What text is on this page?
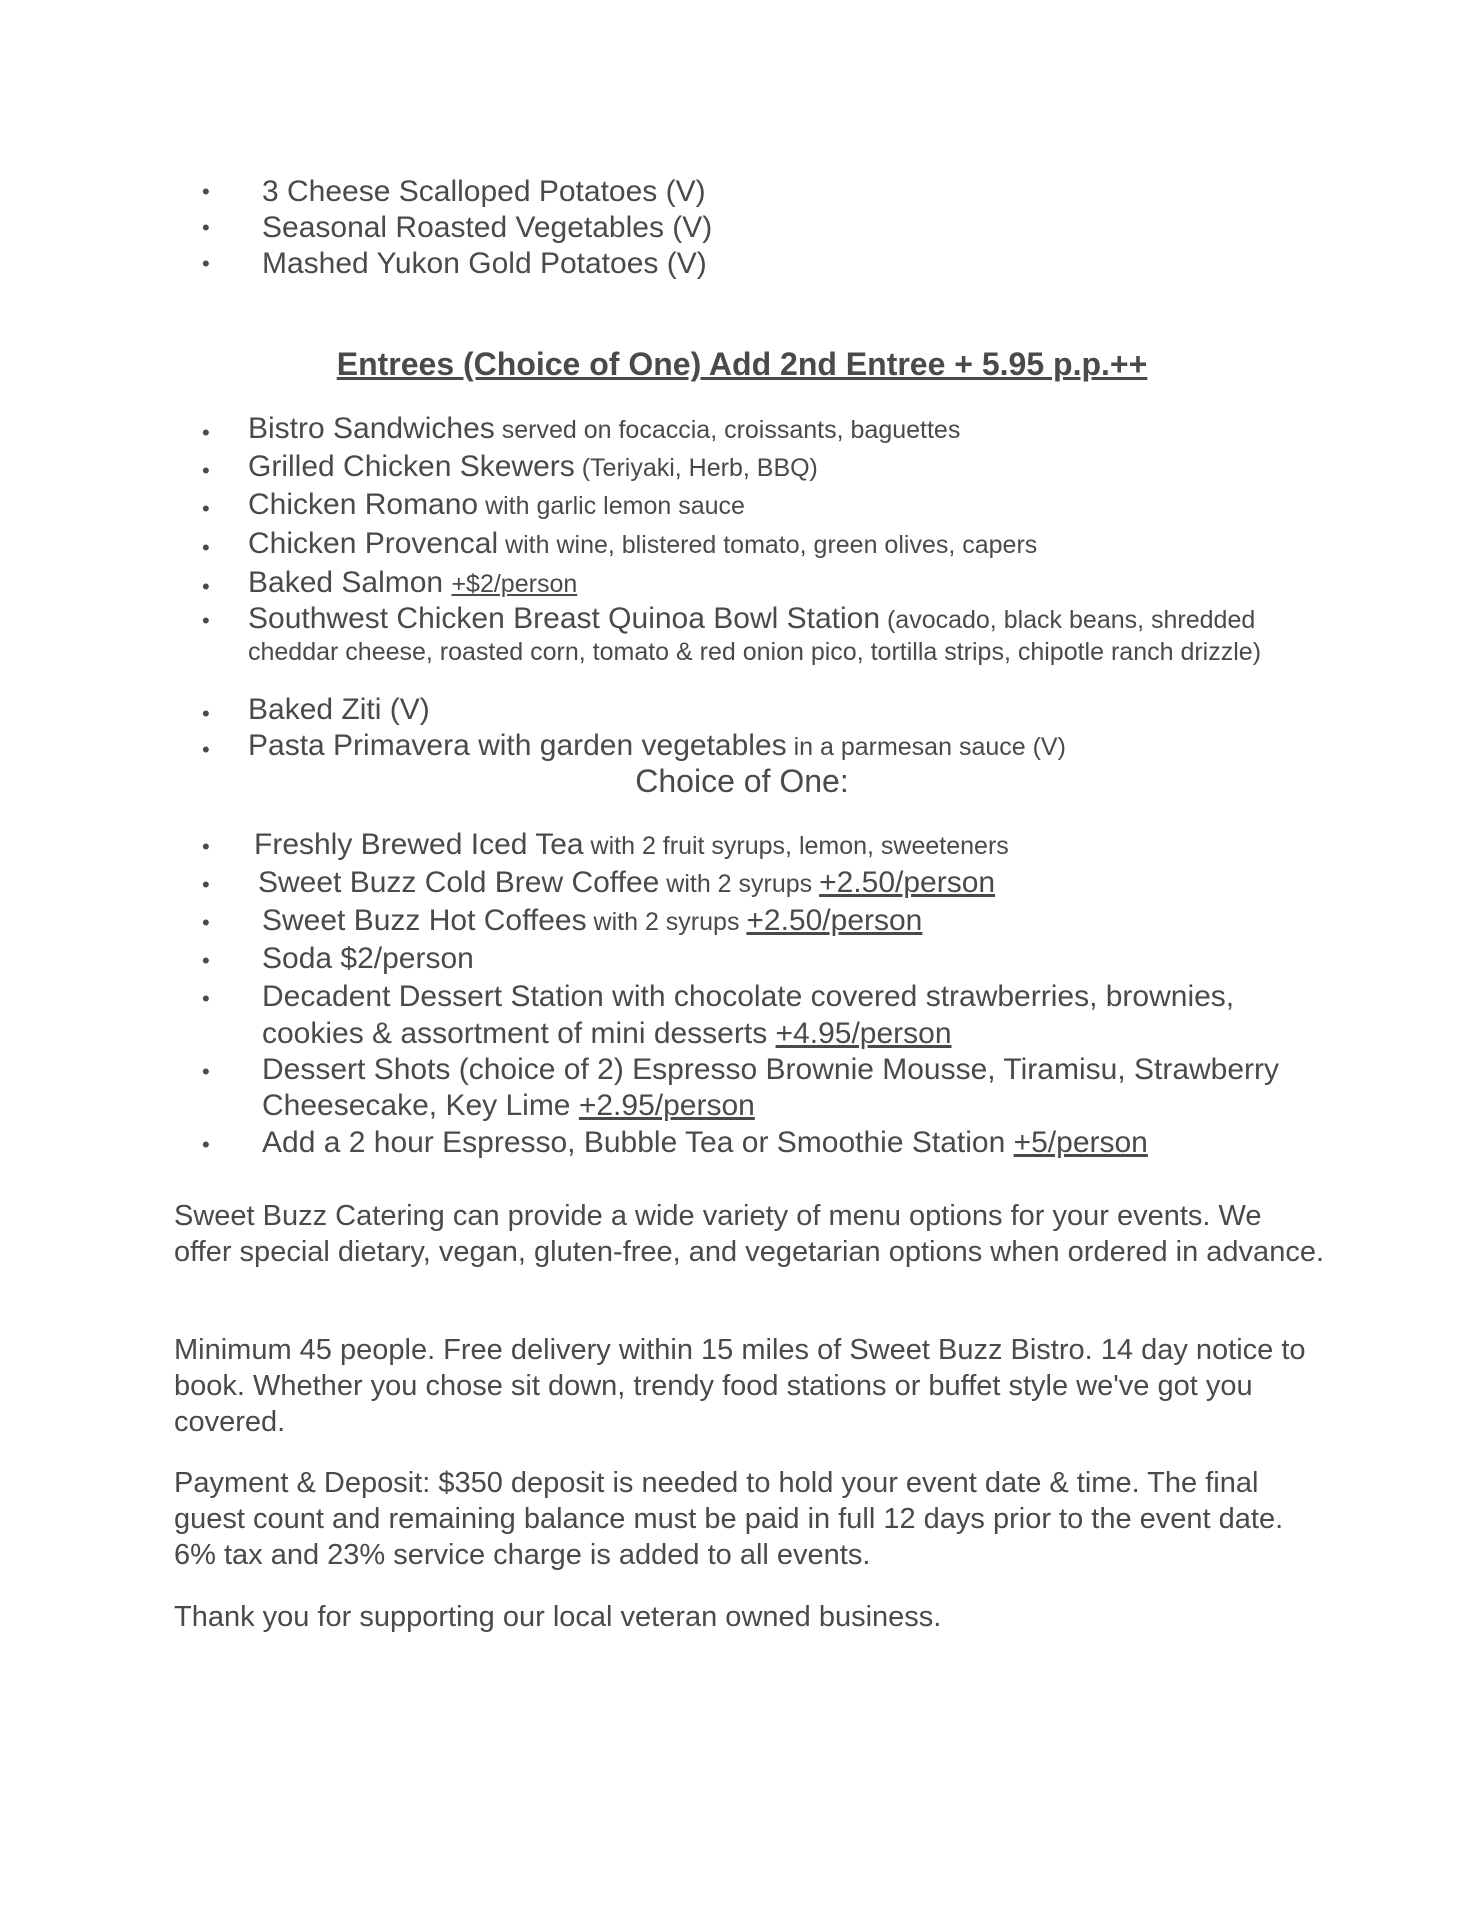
• 3 Cheese Scalloped Potatoes (V)
• Seasonal Roasted Vegetables (V)
• Mashed Yukon Gold Potatoes (V)
Entrees (Choice of One) Add 2nd Entree + 5.95 p.p.++
• Bistro Sandwiches served on focaccia, croissants, baguettes
• Grilled Chicken Skewers (Teriyaki, Herb, BBQ)
• Chicken Romano with garlic lemon sauce
• Chicken Provencal with wine, blistered tomato, green olives, capers
• Baked Salmon +$2/person
• Southwest Chicken Breast Quinoa Bowl Station (avocado, black beans, shredded cheddar cheese, roasted corn, tomato & red onion pico, tortilla strips, chipotle ranch drizzle)
• Baked Ziti (V)
• Pasta Primavera with garden vegetables in a parmesan sauce (V)
Choice of One:
• Freshly Brewed Iced Tea with 2 fruit syrups, lemon, sweeteners
• Sweet Buzz Cold Brew Coffee with 2 syrups +2.50/person
• Sweet Buzz Hot Coffees with 2 syrups +2.50/person
• Soda $2/person
• Decadent Dessert Station with chocolate covered strawberries, brownies, cookies & assortment of mini desserts +4.95/person
• Dessert Shots (choice of 2) Espresso Brownie Mousse, Tiramisu, Strawberry Cheesecake, Key Lime +2.95/person
• Add a 2 hour Espresso, Bubble Tea or Smoothie Station +5/person

Sweet Buzz Catering can provide a wide variety of menu options for your events. We offer special dietary, vegan, gluten-free, and vegetarian options when ordered in advance.

Minimum 45 people. Free delivery within 15 miles of Sweet Buzz Bistro. 14 day notice to book. Whether you chose sit down, trendy food stations or buffet style we've got you covered.

Payment & Deposit: $350 deposit is needed to hold your event date & time. The final guest count and remaining balance must be paid in full 12 days prior to the event date. 6% tax and 23% service charge is added to all events.

Thank you for supporting our local veteran owned business.
